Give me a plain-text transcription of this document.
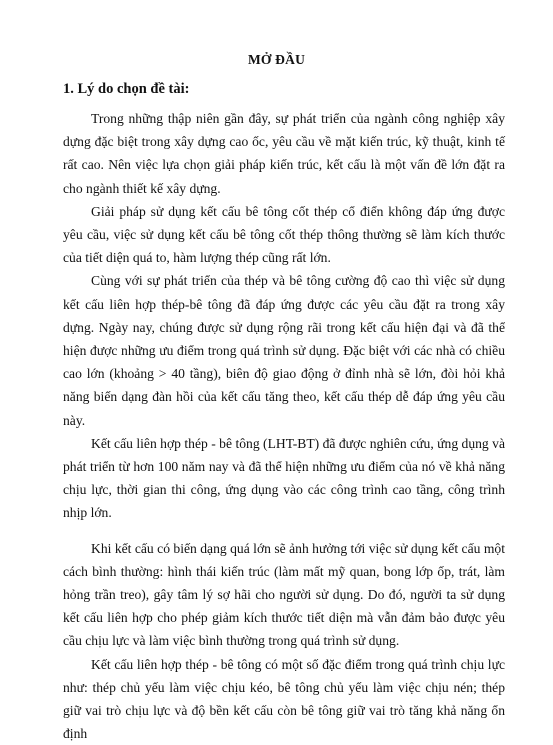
MỞ ĐẦU
1. Lý do chọn đề tài:

Trong những thập niên gần đây, sự phát triển của ngành công nghiệp xây dựng đặc biệt trong xây dựng cao ốc, yêu cầu về mặt kiến trúc, kỹ thuật, kinh tế rất cao. Nên việc lựa chọn giải pháp kiến trúc, kết cấu là một vấn đề lớn đặt ra cho ngành thiết kế xây dựng.

Giải pháp sử dụng kết cấu bê tông cốt thép cổ điển không đáp ứng được yêu cầu, việc sử dụng kết cấu bê tông cốt thép thông thường sẽ làm kích thước của tiết diện quá to, hàm lượng thép cũng rất lớn.

Cùng với sự phát triển của thép và bê tông cường độ cao thì việc sử dụng kết cấu liên hợp thép-bê tông đã đáp ứng được các yêu cầu đặt ra trong xây dựng. Ngày nay, chúng được sử dụng rộng rãi trong kết cấu hiện đại và đã thể hiện được những ưu điểm trong quá trình sử dụng. Đặc biệt với các nhà có chiều cao lớn (khoảng > 40 tầng), biên độ giao động ở đỉnh nhà sẽ lớn, đòi hỏi khả năng biến dạng đàn hồi của kết cấu tăng theo, kết cấu thép dễ đáp ứng yêu cầu này.

Kết cấu liên hợp thép - bê tông (LHT-BT) đã được nghiên cứu, ứng dụng và phát triển từ hơn 100 năm nay và đã thể hiện những ưu điểm của nó về khả năng chịu lực, thời gian thi công, ứng dụng vào các công trình cao tầng, công trình nhịp lớn.

Khi kết cấu có biến dạng quá lớn sẽ ảnh hưởng tới việc sử dụng kết cấu một cách bình thường: hình thái kiến trúc (làm mất mỹ quan, bong lớp ốp, trát, làm hỏng trần treo), gây tâm lý sợ hãi cho người sử dụng. Do đó, người ta sử dụng kết cấu liên hợp cho phép giảm kích thước tiết diện mà vẫn đảm bảo được yêu cầu chịu lực và làm việc bình thường trong quá trình sử dụng.

Kết cấu liên hợp thép - bê tông có một số đặc điểm trong quá trình chịu lực như: thép chủ yếu làm việc chịu kéo, bê tông chủ yếu làm việc chịu nén; thép giữ vai trò chịu lực và độ bền kết cấu còn bê tông giữ vai trò tăng khả năng ổn định
